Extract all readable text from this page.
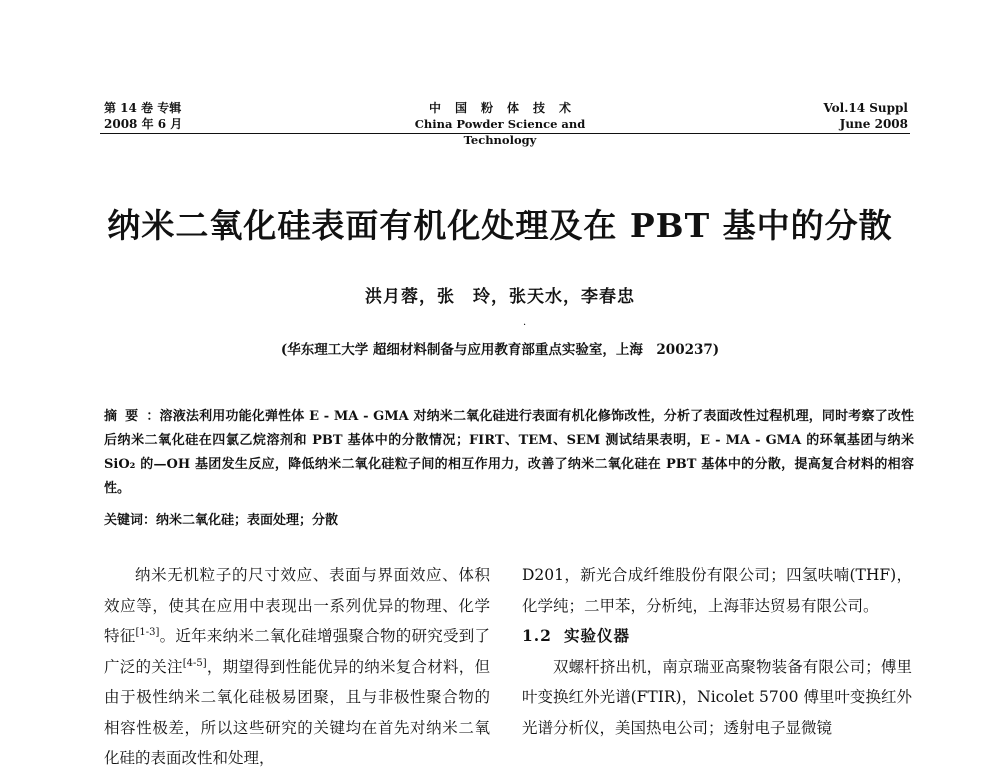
第 14 卷 专辑
2008 年 6 月
中国粉体技术
China Powder Science and Technology
Vol.14 Suppl
June 2008
纳米二氧化硅表面有机化处理及在 PBT 基中的分散
洪月蓉，张　玲，张天水，李春忠
·
(华东理工大学 超细材料制备与应用教育部重点实验室，上海　200237)
摘要：溶液法利用功能化弹性体 E - MA - GMA 对纳米二氧化硅进行表面有机化修饰改性，分析了表面改性过程机理，同时考察了改性后纳米二氧化硅在四氯乙烷溶剂和 PBT 基体中的分散情况；FIRT、TEM、SEM 测试结果表明，E - MA - GMA 的环氧基团与纳米 SiO₂ 的—OH 基团发生反应，降低纳米二氧化硅粒子间的相互作用力，改善了纳米二氧化硅在 PBT 基体中的分散，提高复合材料的相容性。
关键词：纳米二氧化硅；表面处理；分散

纳米无机粒子的尺寸效应、表面与界面效应、体积效应等，使其在应用中表现出一系列优异的物理、化学特征[1-3]。近年来纳米二氧化硅增强聚合物的研究受到了广泛的关注[4-5]，期望得到性能优异的纳米复合材料，但由于极性纳米二氧化硅极易团聚，且与非极性聚合物的相容性极差，所以这些研究的关键均在首先对纳米二氧化硅的表面改性和处理，

D201，新光合成纤维股份有限公司；四氢呋喃(THF)，化学纯；二甲苯，分析纯，上海菲达贸易有限公司。

1.2 实验仪器

双螺杆挤出机，南京瑞亚高聚物装备有限公司；傅里叶变换红外光谱(FTIR)，Nicolet 5700 傅里叶变换红外光谱分析仪，美国热电公司；透射电子显微镜
